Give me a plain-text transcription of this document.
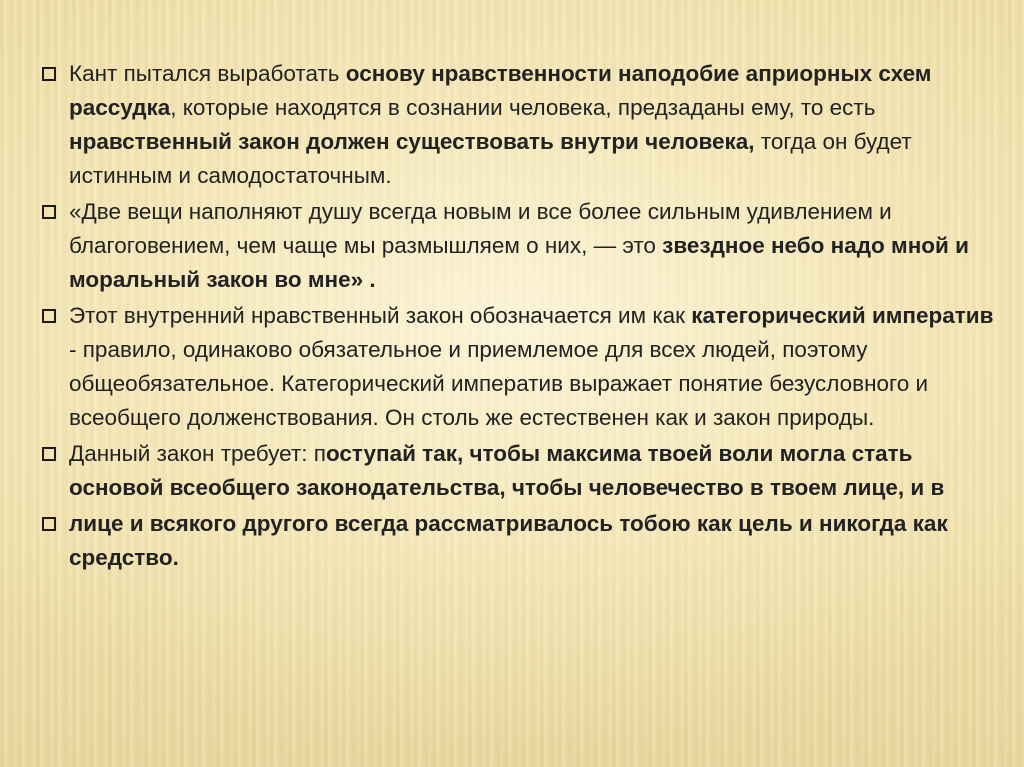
Кант пытался выработать основу нравственности наподобие априорных схем рассудка, которые находятся в сознании человека, предзаданы ему, то есть нравственный закон должен существовать внутри человека, тогда он будет истинным и самодостаточным.
«Две вещи наполняют душу всегда новым и все более сильным удивлением и благоговением, чем чаще мы размышляем о них, — это звездное небо надо мной и моральный закон во мне» .
Этот внутренний нравственный закон обозначается им как категорический императив - правило, одинаково обязательное и приемлемое для всех людей, поэтому общеобязательное. Категорический императив выражает понятие безусловного и всеобщего долженствования. Он столь же естественен как и закон природы.
Данный закон требует: поступай так, чтобы максима твоей воли могла стать основой всеобщего законодательства, чтобы человечество в твоем лице, и в
лице и всякого другого всегда рассматривалось тобою как цель и никогда как средство.
